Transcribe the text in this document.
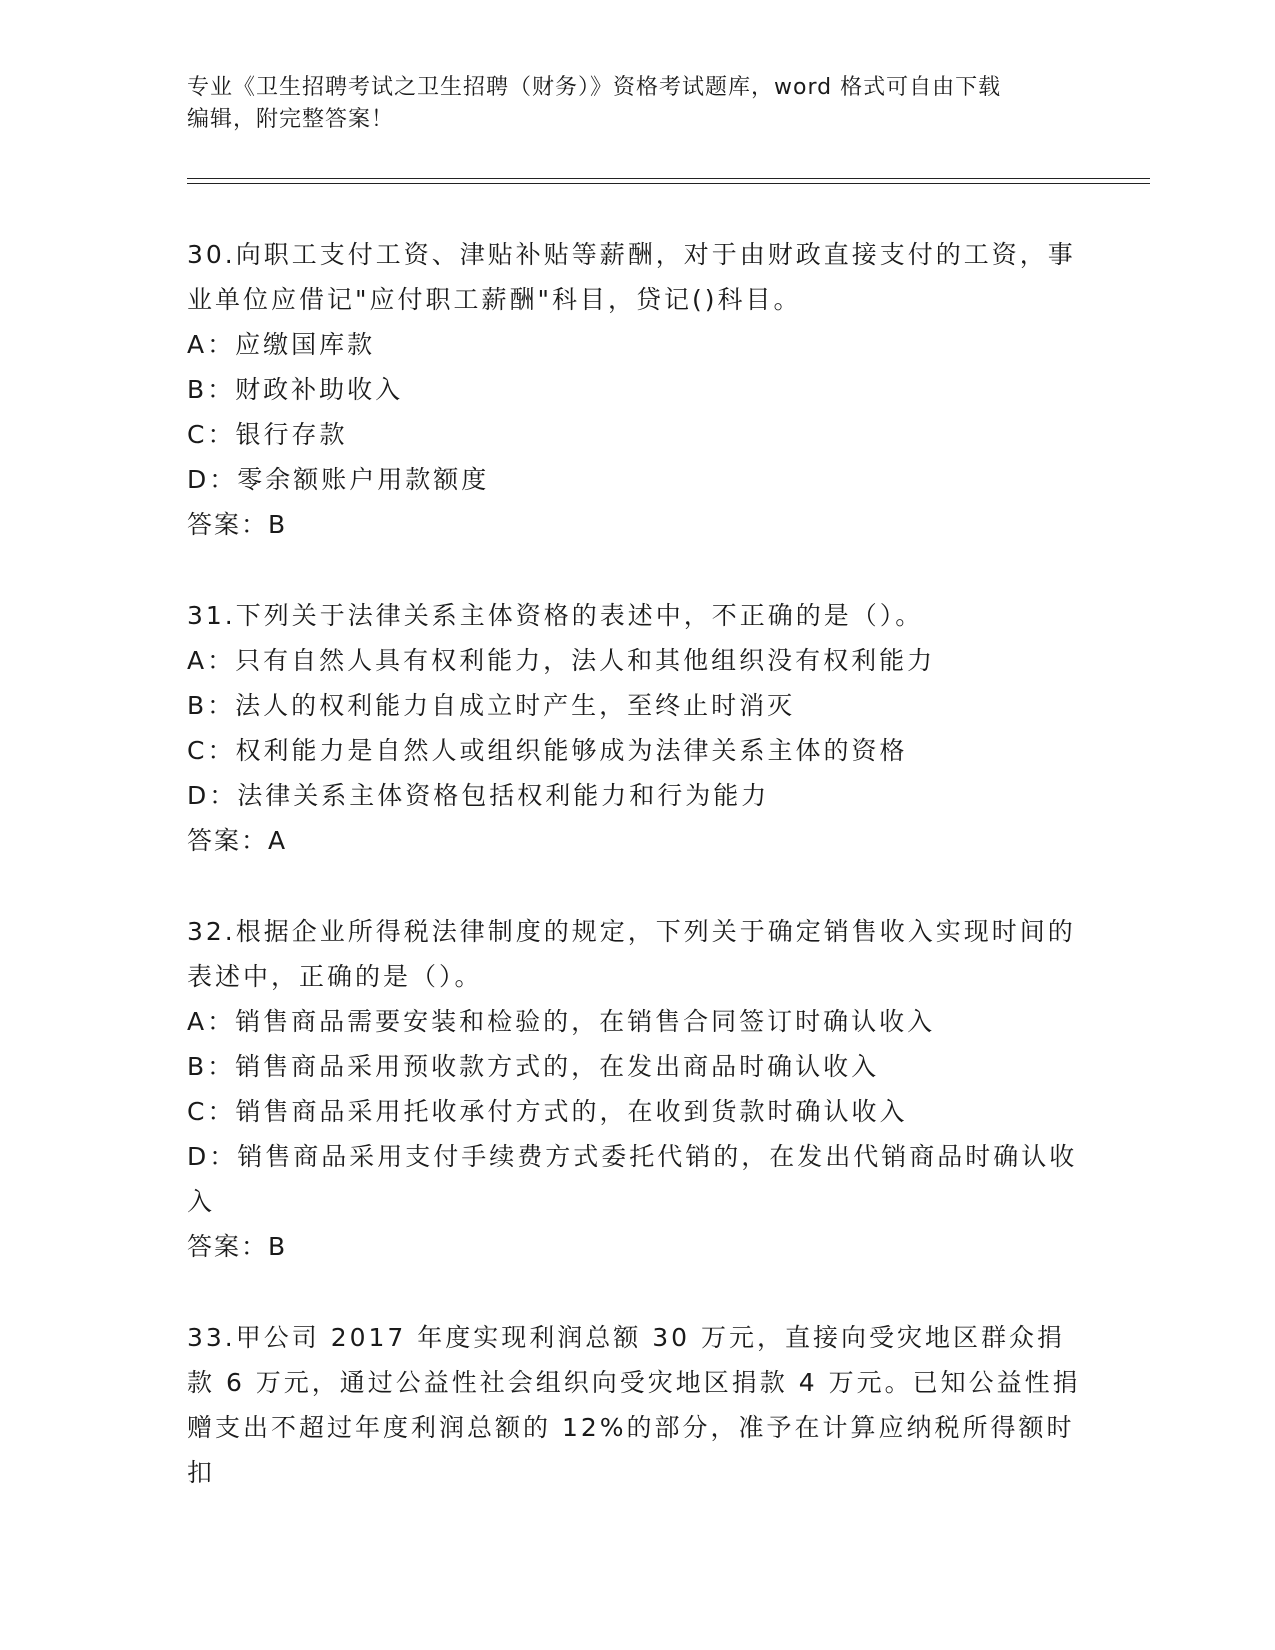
专业《卫生招聘考试之卫生招聘（财务）》资格考试题库，word 格式可自由下载
编辑，附完整答案！
30.向职工支付工资、津贴补贴等薪酬，对于由财政直接支付的工资，事业单位应借记"应付职工薪酬"科目，贷记()科目。
A：应缴国库款
B：财政补助收入
C：银行存款
D：零余额账户用款额度
答案：B
31.下列关于法律关系主体资格的表述中，不正确的是（）。
A：只有自然人具有权利能力，法人和其他组织没有权利能力
B：法人的权利能力自成立时产生，至终止时消灭
C：权利能力是自然人或组织能够成为法律关系主体的资格
D：法律关系主体资格包括权利能力和行为能力
答案：A
32.根据企业所得税法律制度的规定，下列关于确定销售收入实现时间的表述中，正确的是（）。
A：销售商品需要安装和检验的，在销售合同签订时确认收入
B：销售商品采用预收款方式的，在发出商品时确认收入
C：销售商品采用托收承付方式的，在收到货款时确认收入
D：销售商品采用支付手续费方式委托代销的，在发出代销商品时确认收入
答案：B
33.甲公司 2017 年度实现利润总额 30 万元，直接向受灾地区群众捐款 6 万元，通过公益性社会组织向受灾地区捐款 4 万元。已知公益性捐赠支出不超过年度利润总额的 12%的部分，准予在计算应纳税所得额时扣
